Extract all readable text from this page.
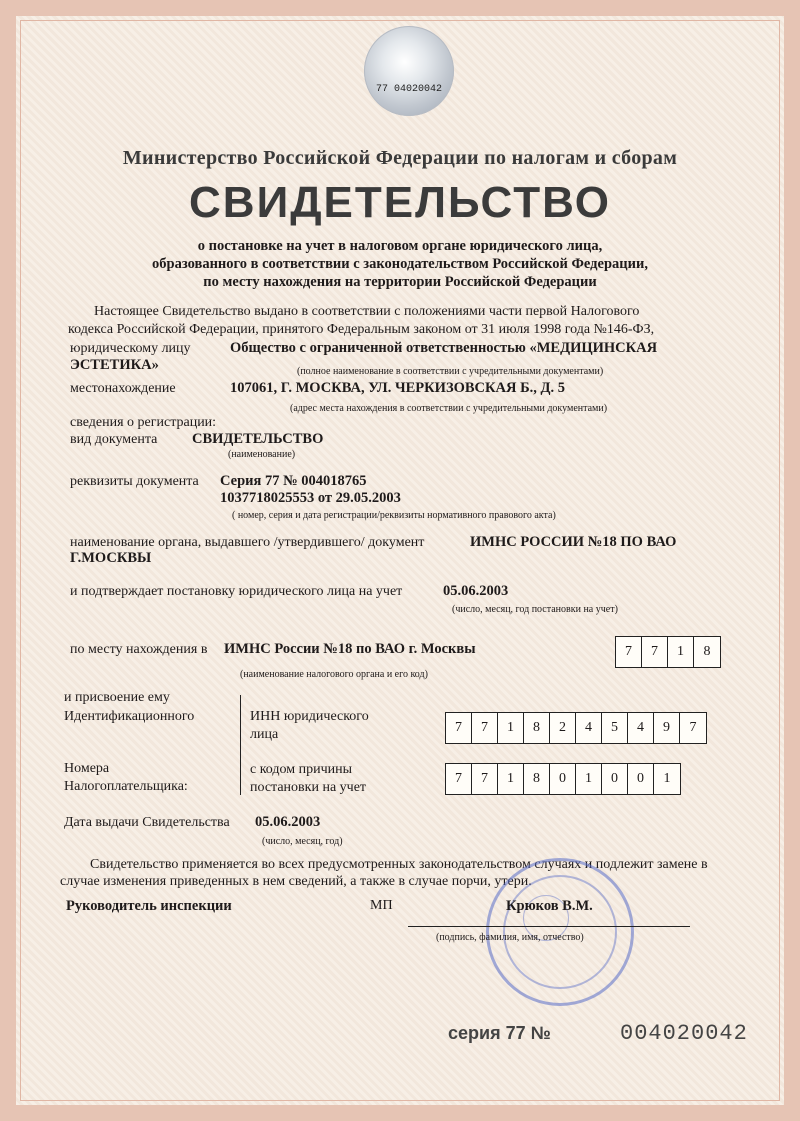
77 04020042
Министерство Российской Федерации по налогам и сборам
СВИДЕТЕЛЬСТВО
о постановке на учет в налоговом органе юридического лица,
образованного в соответствии с законодательством Российской Федерации,
по месту нахождения на территории Российской Федерации
Настоящее Свидетельство выдано в соответствии с положениями части первой Налогового
кодекса Российской Федерации, принятого Федеральным законом от 31 июля 1998 года №146-ФЗ,
юридическому лицу	Общество с ограниченной ответственностью «МЕДИЦИНСКАЯ
ЭСТЕТИКА»	(полное наименование в соответствии с учредительными документами)
местонахождение	107061, Г. МОСКВА, УЛ. ЧЕРКИЗОВСКАЯ Б., Д. 5
(адрес места нахождения в соответствии с учредительными документами)
сведения о регистрации:
вид документа СВИДЕТЕЛЬСТВО
(наименование)
реквизиты документа Серия 77 № 004018765
1037718025553 от 29.05.2003
( номер, серия и дата регистрации/реквизиты нормативного правового акта)
наименование органа, выдавшего /утвердившего/ документ	ИМНС РОССИИ №18 ПО ВАО
Г.МОСКВЫ
и подтверждает постановку юридического лица на учет	05.06.2003
(число, месяц, год постановки на учет)
по месту нахождения в ИМНС России №18 по ВАО г. Москвы
(наименование налогового органа и его код)
7	7	1	8
и присвоение ему
Идентификационного	ИНН юридического
лица	7	7	1	8	2	4	5	4	9	7
Номера
Налогоплательщика:
с кодом причины
постановки на учет
7	7	1	8	0	1	0	0	1
Дата выдачи Свидетельства 05.06.2003
(число, месяц, год)
Свидетельство применяется во всех предусмотренных законодательством случаях и подлежит замене в
случае изменения приведенных в нем сведений, а также в случае порчи, утери.
Руководитель инспекции	МП	Крюков В.М.
(подпись, фамилия, имя, отчество)
серия 77 №	004020042
